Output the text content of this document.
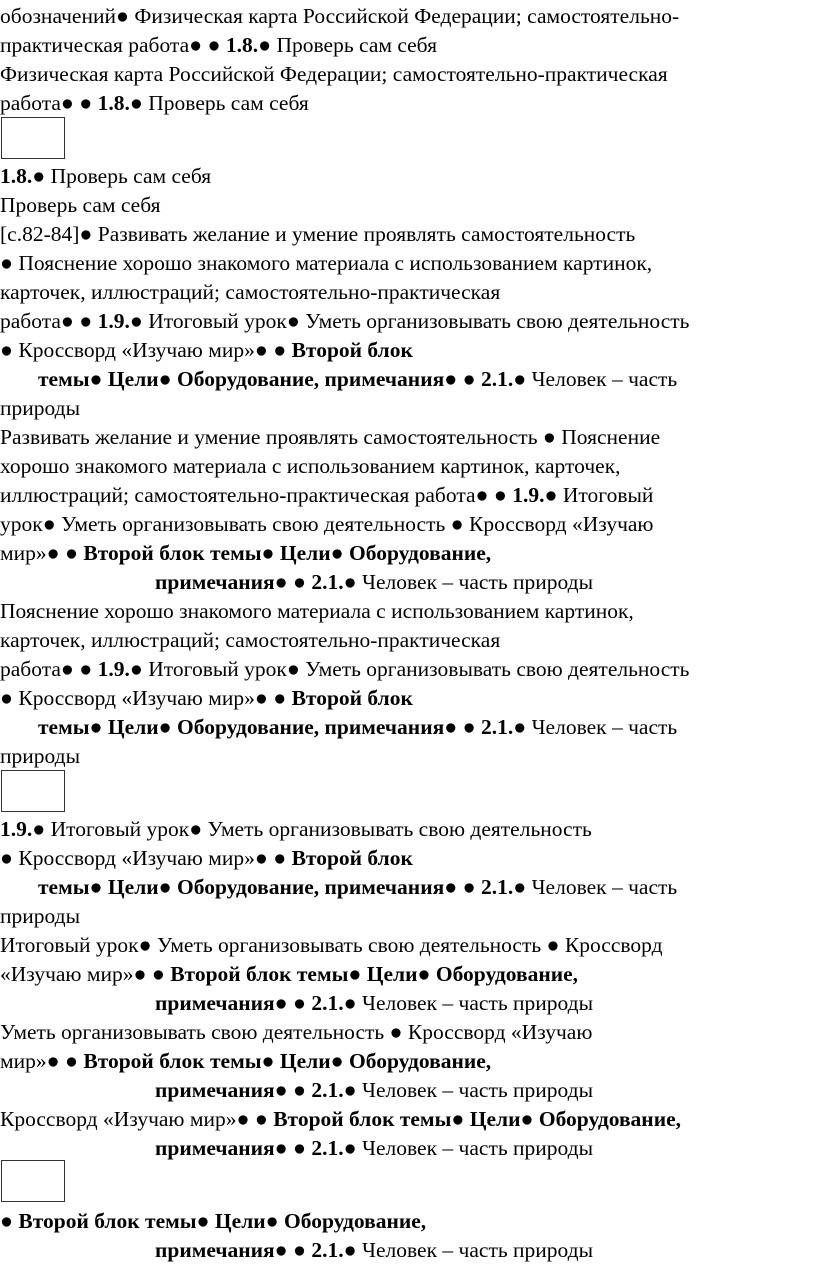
обозначений● Физическая карта Российской Федерации; самостоятельно-
практическая работа● ● 1.8.● Проверь сам себя
Физическая карта Российской Федерации; самостоятельно-практическая
работа● ● 1.8.● Проверь сам себя
1.8.● Проверь сам себя
Проверь сам себя
[с.82-84]● Развивать желание и умение проявлять самостоятельность
● Пояснение хорошо знакомого материала с использованием картинок,
карточек, иллюстраций; самостоятельно-практическая
работа● ● 1.9.● Итоговый урок● Уметь организовывать свою деятельность
● Кроссворд «Изучаю мир»● ● Второй блок
темы● Цели● Оборудование, примечания● ● 2.1.● Человек – часть
природы
Развивать желание и умение проявлять самостоятельность ● Пояснение
хорошо знакомого материала с использованием картинок, карточек,
иллюстраций; самостоятельно-практическая работа● ● 1.9.● Итоговый
урок● Уметь организовывать свою деятельность ● Кроссворд «Изучаю
мир»● ● Второй блок темы● Цели● Оборудование,
примечания● ● 2.1.● Человек – часть природы
Пояснение хорошо знакомого материала с использованием картинок,
карточек, иллюстраций; самостоятельно-практическая
работа● ● 1.9.● Итоговый урок● Уметь организовывать свою деятельность
● Кроссворд «Изучаю мир»● ● Второй блок
темы● Цели● Оборудование, примечания● ● 2.1.● Человек – часть
природы
1.9.● Итоговый урок● Уметь организовывать свою деятельность
● Кроссворд «Изучаю мир»● ● Второй блок
темы● Цели● Оборудование, примечания● ● 2.1.● Человек – часть
природы
Итоговый урок● Уметь организовывать свою деятельность ● Кроссворд
«Изучаю мир»● ● Второй блок темы● Цели● Оборудование,
примечания● ● 2.1.● Человек – часть природы
Уметь организовывать свою деятельность ● Кроссворд «Изучаю
мир»● ● Второй блок темы● Цели● Оборудование,
примечания● ● 2.1.● Человек – часть природы
Кроссворд «Изучаю мир»● ● Второй блок темы● Цели● Оборудование,
примечания● ● 2.1.● Человек – часть природы
● Второй блок темы● Цели● Оборудование,
примечания● ● 2.1.● Человек – часть природы
